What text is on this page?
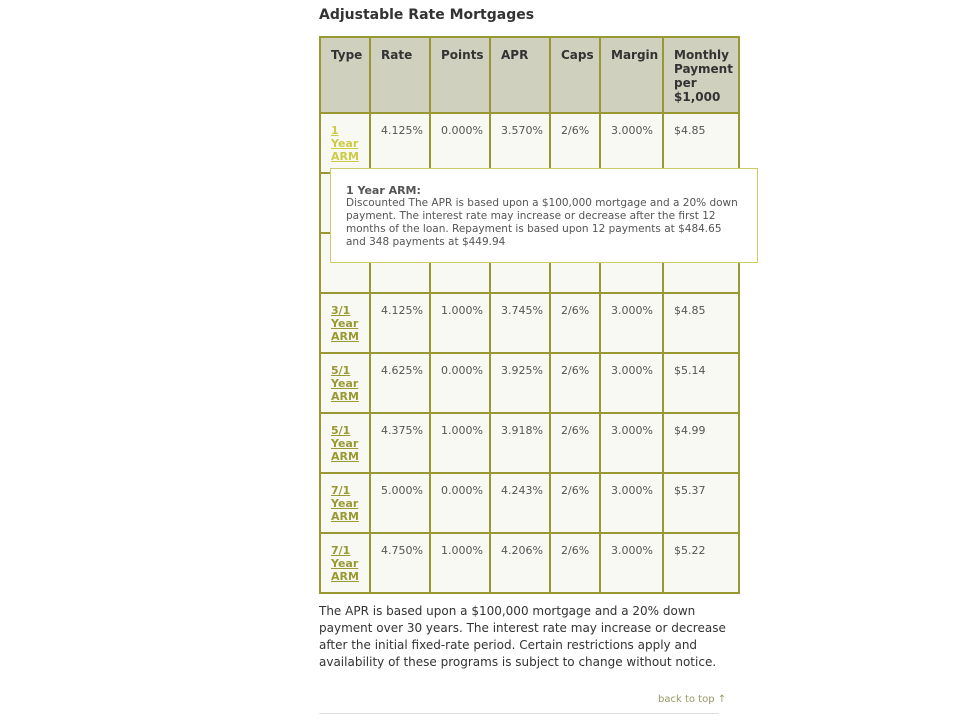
Adjustable Rate Mortgages
Type	Rate	Points	APR	Caps	Margin	Monthly Payment per $1,000
1 Year ARM	4.125%	0.000%	3.570%	2/6%	3.000%	$4.85

3/1 Year ARM	4.125%	1.000%	3.745%	2/6%	3.000%	$4.85
5/1 Year ARM	4.625%	0.000%	3.925%	2/6%	3.000%	$5.14
5/1 Year ARM	4.375%	1.000%	3.918%	2/6%	3.000%	$4.99
7/1 Year ARM	5.000%	0.000%	4.243%	2/6%	3.000%	$5.37
7/1 Year ARM	4.750%	1.000%	4.206%	2/6%	3.000%	$5.22
1 Year ARM:
Discounted The APR is based upon a $100,000 mortgage and a 20% down payment. The interest rate may increase or decrease after the first 12 months of the loan. Repayment is based upon 12 payments at $484.65 and 348 payments at $449.94
The APR is based upon a $100,000 mortgage and a 20% down payment over 30 years. The interest rate may increase or decrease after the initial fixed-rate period. Certain restrictions apply and availability of these programs is subject to change without notice.
back to top ↑
